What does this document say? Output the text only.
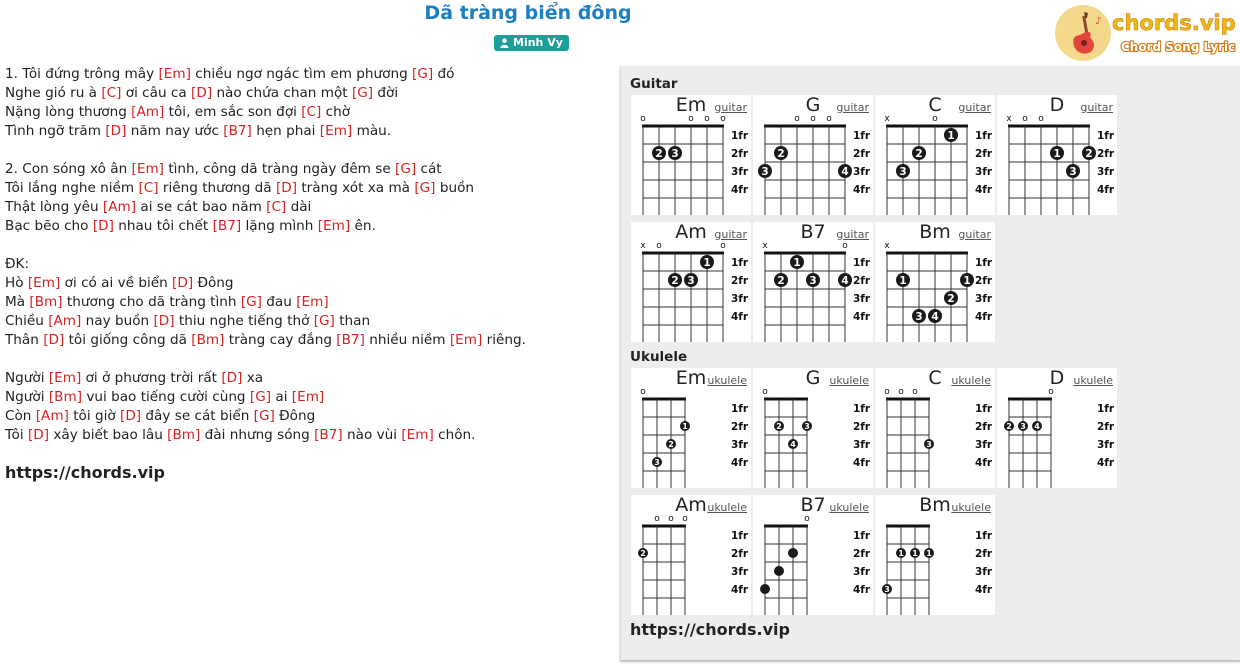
Dã tràng biển đông
Minh Vy
♪ chords.vip
Chord Song Lyric
1. Tôi đứng trông mây [Em] chiều ngơ ngác tìm em phương [G] đó
Nghe gió ru à [C] ơi câu ca [D] nào chứa chan một [G] đời
Nặng lòng thương [Am] tôi, em sắc son đợi [C] chờ
Tình ngỡ trăm [D] năm nay ước [B7] hẹn phai [Em] màu.
2. Con sóng xô ân [Em] tình, công dã tràng ngày đêm se [G] cát
Tôi lắng nghe niềm [C] riêng thương dã [D] tràng xót xa mà [G] buồn
Thật lòng yêu [Am] ai se cát bao năm [C] dài
Bạc bẽo cho [D] nhau tôi chết [B7] lặng mình [Em] ên.
ĐK:
Hò [Em] ơi có ai về biển [D] Đông
Mà [Bm] thương cho dã tràng tình [G] đau [Em]
Chiều [Am] nay buồn [D] thiu nghe tiếng thở [G] than
Thân [D] tôi giống công dã [Bm] tràng cay đắng [B7] nhiều niềm [Em] riêng.
Người [Em] ơi ở phương trời rất [D] xa
Người [Bm] vui bao tiếng cười cùng [G] ai [Em]
Còn [Am] tôi giờ [D] đây se cát biển [G] Đông
Tôi [D] xây biết bao lâu [Bm] đài nhưng sóng [B7] nào vùi [Em] chôn.
https://chords.vip
Guitar
Ukulele
Em guitar
1fr
2fr
3fr
4fr
o	o o o
2 3
G	guitar
1fr
2fr
3fr
4fr
o o o
2
3	4
C	guitar
1fr
2fr
3fr
4fr
x	o
1
2
3
D	guitar
1fr
2fr
3fr
4fr
x o o
1 2
3
Am guitar
1fr
2fr
3fr
4fr
x o	o
1
2 3
B7 guitar
1fr
2fr
3fr
4fr
x	o
1
2 3 4
Bm guitar
1fr
2fr
3fr
4fr
x
1	1
2
3 4
Em ukulele
1fr
2fr
3fr
4fr
o
1
2
3
G ukulele
1fr
2fr
3fr
4fr
o
2	3
4
C ukulele
1fr
2fr
3fr
4fr
o o o
3
D ukulele
1fr
2fr
3fr
4fr
o
2 3 4
Am ukulele
1fr
2fr
3fr
4fr
o o o
2
B7 ukulele
1fr
2fr
3fr
4fr
o
Bm ukulele
1fr
2fr
3fr
4fr
1 1 1
3
https://chords.vip
